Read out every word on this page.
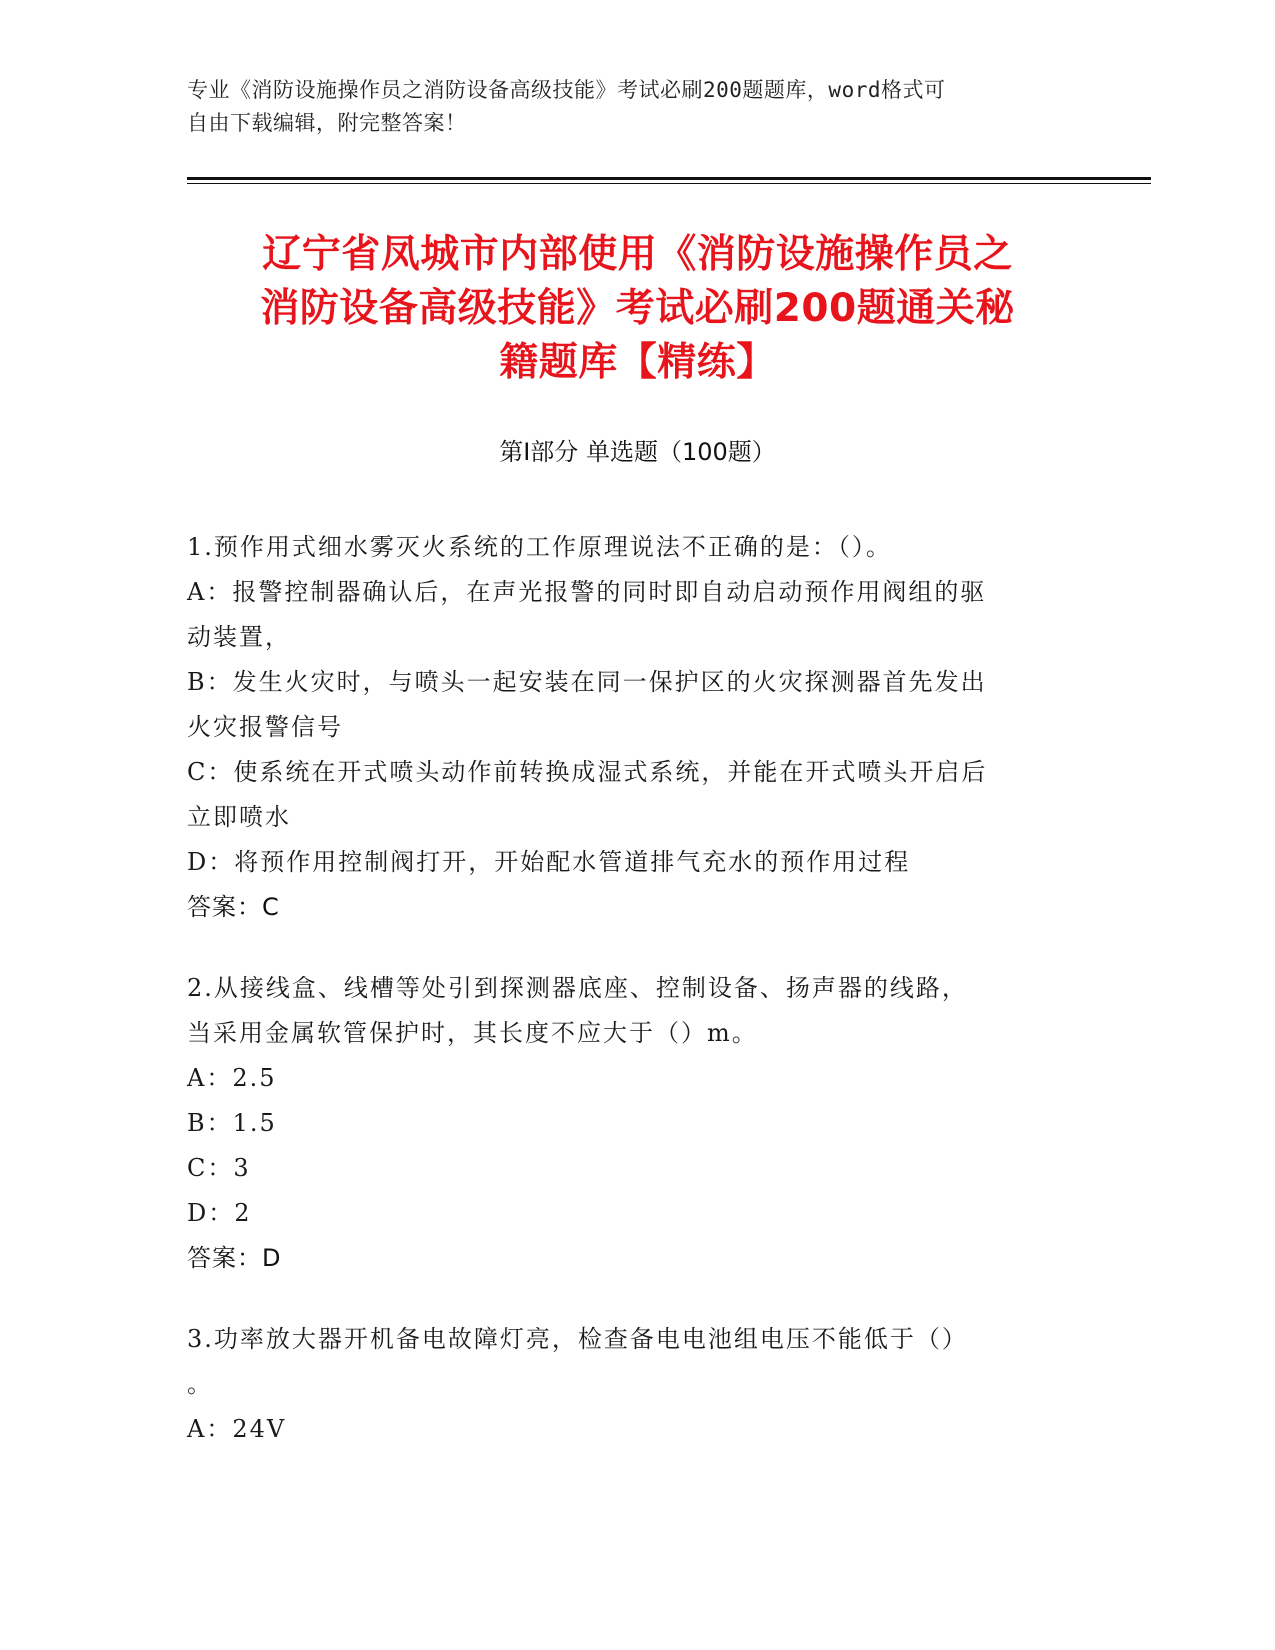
专业《消防设施操作员之消防设备高级技能》考试必刷200题题库，word格式可
自由下载编辑，附完整答案！
辽宁省凤城市内部使用《消防设施操作员之
消防设备高级技能》考试必刷200题通关秘
籍题库【精练】
第Ⅰ部分 单选题（100题）
1.预作用式细水雾灭火系统的工作原理说法不正确的是：（）。
A：报警控制器确认后，在声光报警的同时即自动启动预作用阀组的驱
动装置，
B：发生火灾时，与喷头一起安装在同一保护区的火灾探测器首先发出
火灾报警信号
C：使系统在开式喷头动作前转换成湿式系统，并能在开式喷头开启后
立即喷水
D：将预作用控制阀打开，开始配水管道排气充水的预作用过程
答案：C
2.从接线盒、线槽等处引到探测器底座、控制设备、扬声器的线路，
当采用金属软管保护时，其长度不应大于（）m。
A：2.5
B：1.5
C：3
D：2
答案：D
3.功率放大器开机备电故障灯亮，检查备电电池组电压不能低于（）
。
A：24V
